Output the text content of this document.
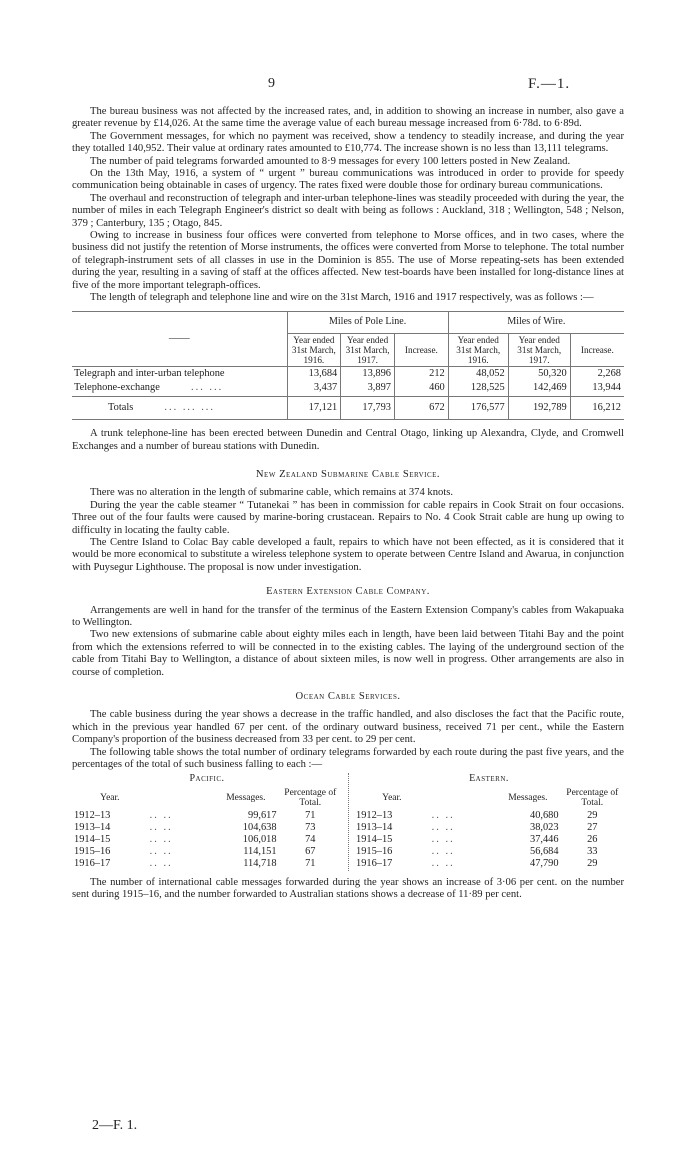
9	F.—1.

The bureau business was not affected by the increased rates, and, in addition to showing an increase in number, also gave a greater revenue by £14,026. At the same time the average value of each bureau message increased from 6·78d. to 6·89d.

The Government messages, for which no payment was received, show a tendency to steadily increase, and during the year they totalled 140,952. Their value at ordinary rates amounted to £10,774. The increase shown is no less than 13,111 telegrams.

The number of paid telegrams forwarded amounted to 8·9 messages for every 100 letters posted in New Zealand.

On the 13th May, 1916, a system of “ urgent ” bureau communications was introduced in order to provide for speedy communication being obtainable in cases of urgency. The rates fixed were double those for ordinary bureau communications.

The overhaul and reconstruction of telegraph and inter-urban telephone-lines was steadily proceeded with during the year, the number of miles in each Telegraph Engineer's district so dealt with being as follows : Auckland, 318 ; Wellington, 548 ; Nelson, 379 ; Canterbury, 135 ; Otago, 845.

Owing to increase in business four offices were converted from telephone to Morse offices, and in two cases, where the business did not justify the retention of Morse instruments, the offices were converted from Morse to telephone. The total number of telegraph-instrument sets of all classes in use in the Dominion is 855. The use of Morse repeating-sets has been extended during the year, resulting in a saving of staff at the offices affected. New test-boards have been installed for long-distance lines at five of the more important telegraph-offices.

The length of telegraph and telephone line and wire on the 31st March, 1916 and 1917 respectively, was as follows :—

——	Miles of Pole Line.			Miles of Wire.		
	Year ended 31st March, 1916.	Year ended 31st March, 1917.	Increase.	Year ended 31st March, 1916.	Year ended 31st March, 1917.	Increase.
Telegraph and inter-urban telephone	13,684	13,896	212	48,052	50,320	2,268
Telephone-exchange ... ...	3,437	3,897	460	128,525	142,469	13,944
Totals ... ... ...	17,121	17,793	672	176,577	192,789	16,212

A trunk telephone-line has been erected between Dunedin and Central Otago, linking up Alexandra, Clyde, and Cromwell Exchanges and a number of bureau stations with Dunedin.

New Zealand Submarine Cable Service.

There was no alteration in the length of submarine cable, which remains at 374 knots.

During the year the cable steamer “ Tutanekai ” has been in commission for cable repairs in Cook Strait on four occasions. Three out of the four faults were caused by marine-boring crustacean. Repairs to No. 4 Cook Strait cable are hung up owing to difficulty in locating the faulty cable.

The Centre Island to Colac Bay cable developed a fault, repairs to which have not been effected, as it is considered that it would be more economical to substitute a wireless telephone system to operate between Centre Island and Awarua, in conjunction with Puysegur Lighthouse. The proposal is now under investigation.

Eastern Extension Cable Company.

Arrangements are well in hand for the transfer of the terminus of the Eastern Extension Company's cables from Wakapuaka to Wellington.

Two new extensions of submarine cable about eighty miles each in length, have been laid between Titahi Bay and the point from which the extensions referred to will be connected in to the existing cables. The laying of the underground section of the cable from Titahi Bay to Wellington, a distance of about sixteen miles, is now well in progress. Other arrangements are also in course of completion.

Ocean Cable Services.

The cable business during the year shows a decrease in the traffic handled, and also discloses the fact that the Pacific route, which in the previous year handled 67 per cent. of the ordinary outward business, received 71 per cent., while the Eastern Company's proportion of the business decreased from 33 per cent. to 29 per cent.

The following table shows the total number of ordinary telegrams forwarded by each route during the past five years, and the percentages of the total of such business falling to each :—

Pacific.			
Year.		Messages.	Percentage of Total.
1912–13	.. ..	99,617	71
1913–14	.. ..	104,638	73
1914–15	.. ..	106,018	74
1915–16	.. ..	114,151	67
1916–17	.. ..	114,718	71
Eastern.			
Year.		Messages.	Percentage of Total.
1912–13	.. ..	40,680	29
1913–14	.. ..	38,023	27
1914–15	.. ..	37,446	26
1915–16	.. ..	56,684	33
1916–17	.. ..	47,790	29

The number of international cable messages forwarded during the year shows an increase of 3·06 per cent. on the number sent during 1915–16, and the number forwarded to Australian stations shows a decrease of 11·89 per cent.

2—F. 1.
